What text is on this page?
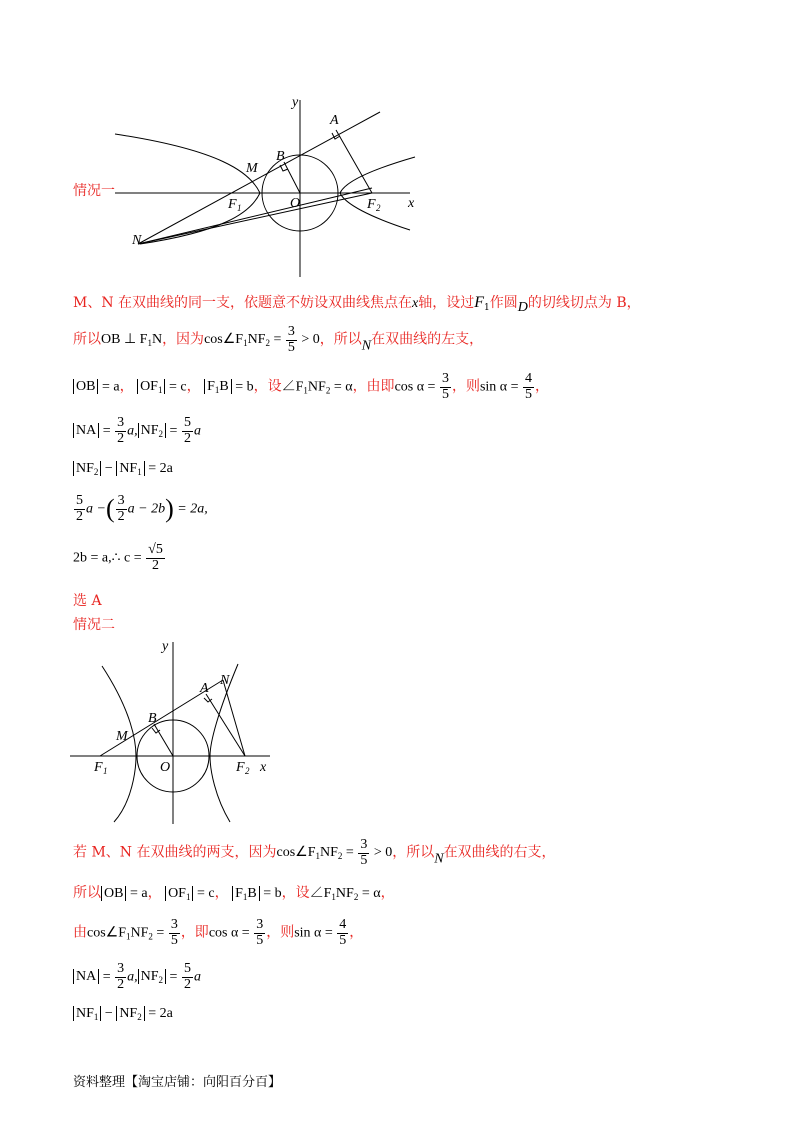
y
x
A
B
M
O
F 1	F 2
N
情况一
M、N 在双曲线的同一支，依题意不妨设双曲线焦点在x轴，设过$F_1$作圆D的切线切点为 B，
所以OB ⊥ $F_1N$，因为$\cos\angle F_1NF_2 = \frac{3}{5} > 0$，所以N在双曲线的左支，
OB = a， $OF_1 = c$， $F_1B = b$，设$\angle F_1NF_2 = \alpha$，由即$\cos \alpha = \frac{3}{5}$ ，则$\sin \alpha = \frac{4}{5}$ ，
NA = $\frac{3}{2} a$, $NF_2 = \frac{5}{2}$ a
$NF_2 - NF_1 = 2a$
$\frac{5}{2}$ a −( $\frac{3}{2}$ a − 2b) = 2a,
2b = a,∴ $c = \frac{√5}{2}$
选 A
情况二
y
x
A
N
B
M
O
F 1	F 2
若 M、N 在双曲线的两支，因为$\cos\angle F_1NF_2 = \frac{3}{5} > 0$，所以N在双曲线的右支，
所以 OB = a， $OF_1 = c$， $F_1B = b$，设$\angle F_1NF_2 = \alpha$，
由$\cos\angle F_1NF_2 = \frac{3}{5}$ ，即$\cos \alpha = \frac{3}{5}$ ，则$\sin \alpha = \frac{4}{5}$ ，
NA = $\frac{3}{2} a$, $NF_2 = \frac{5}{2}$ a
$NF_1 - NF_2 = 2a$
资料整理【淘宝店铺：向阳百分百】
